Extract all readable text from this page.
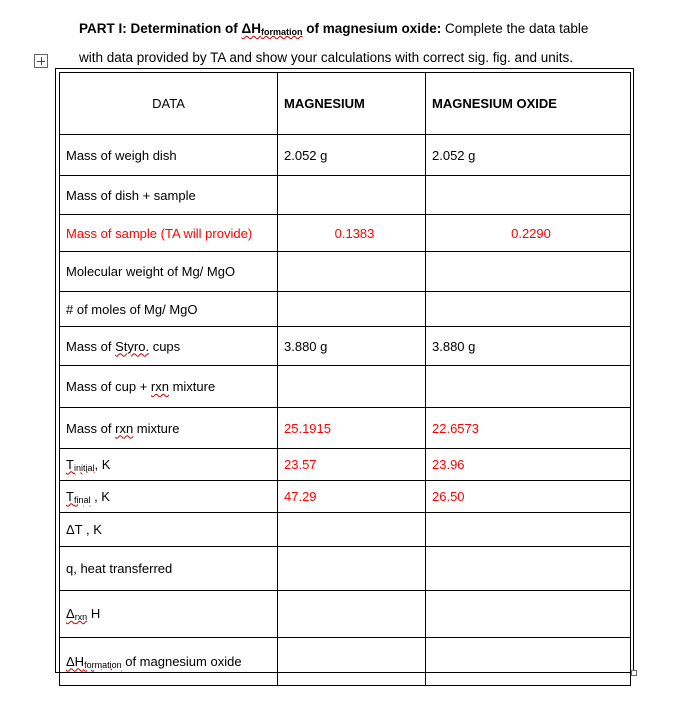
PART I: Determination of $\Delta H_{formation}$ of magnesium oxide: Complete the data table
with data provided by TA and show your calculations with correct sig. fig. and units.
DATA	MAGNESIUM	MAGNESIUM OXIDE
Mass of weigh dish	2.052 g	2.052 g
Mass of dish + sample		
Mass of sample (TA will provide)	0.1383	0.2290
Molecular weight of Mg/ MgO		
# of moles of Mg/ MgO		
Mass of Styro. cups	3.880 g	3.880 g
Mass of cup + rxn mixture		
Mass of rxn mixture	25.1915	22.6573
$T_{initial}$, K	23.57	23.96
$T_{final}$ , K	47.29	26.50
ΔT , K		
q, heat transferred		
$\Delta_{rxn}$ H		
$\Delta H_{formation}$ of magnesium oxide		
